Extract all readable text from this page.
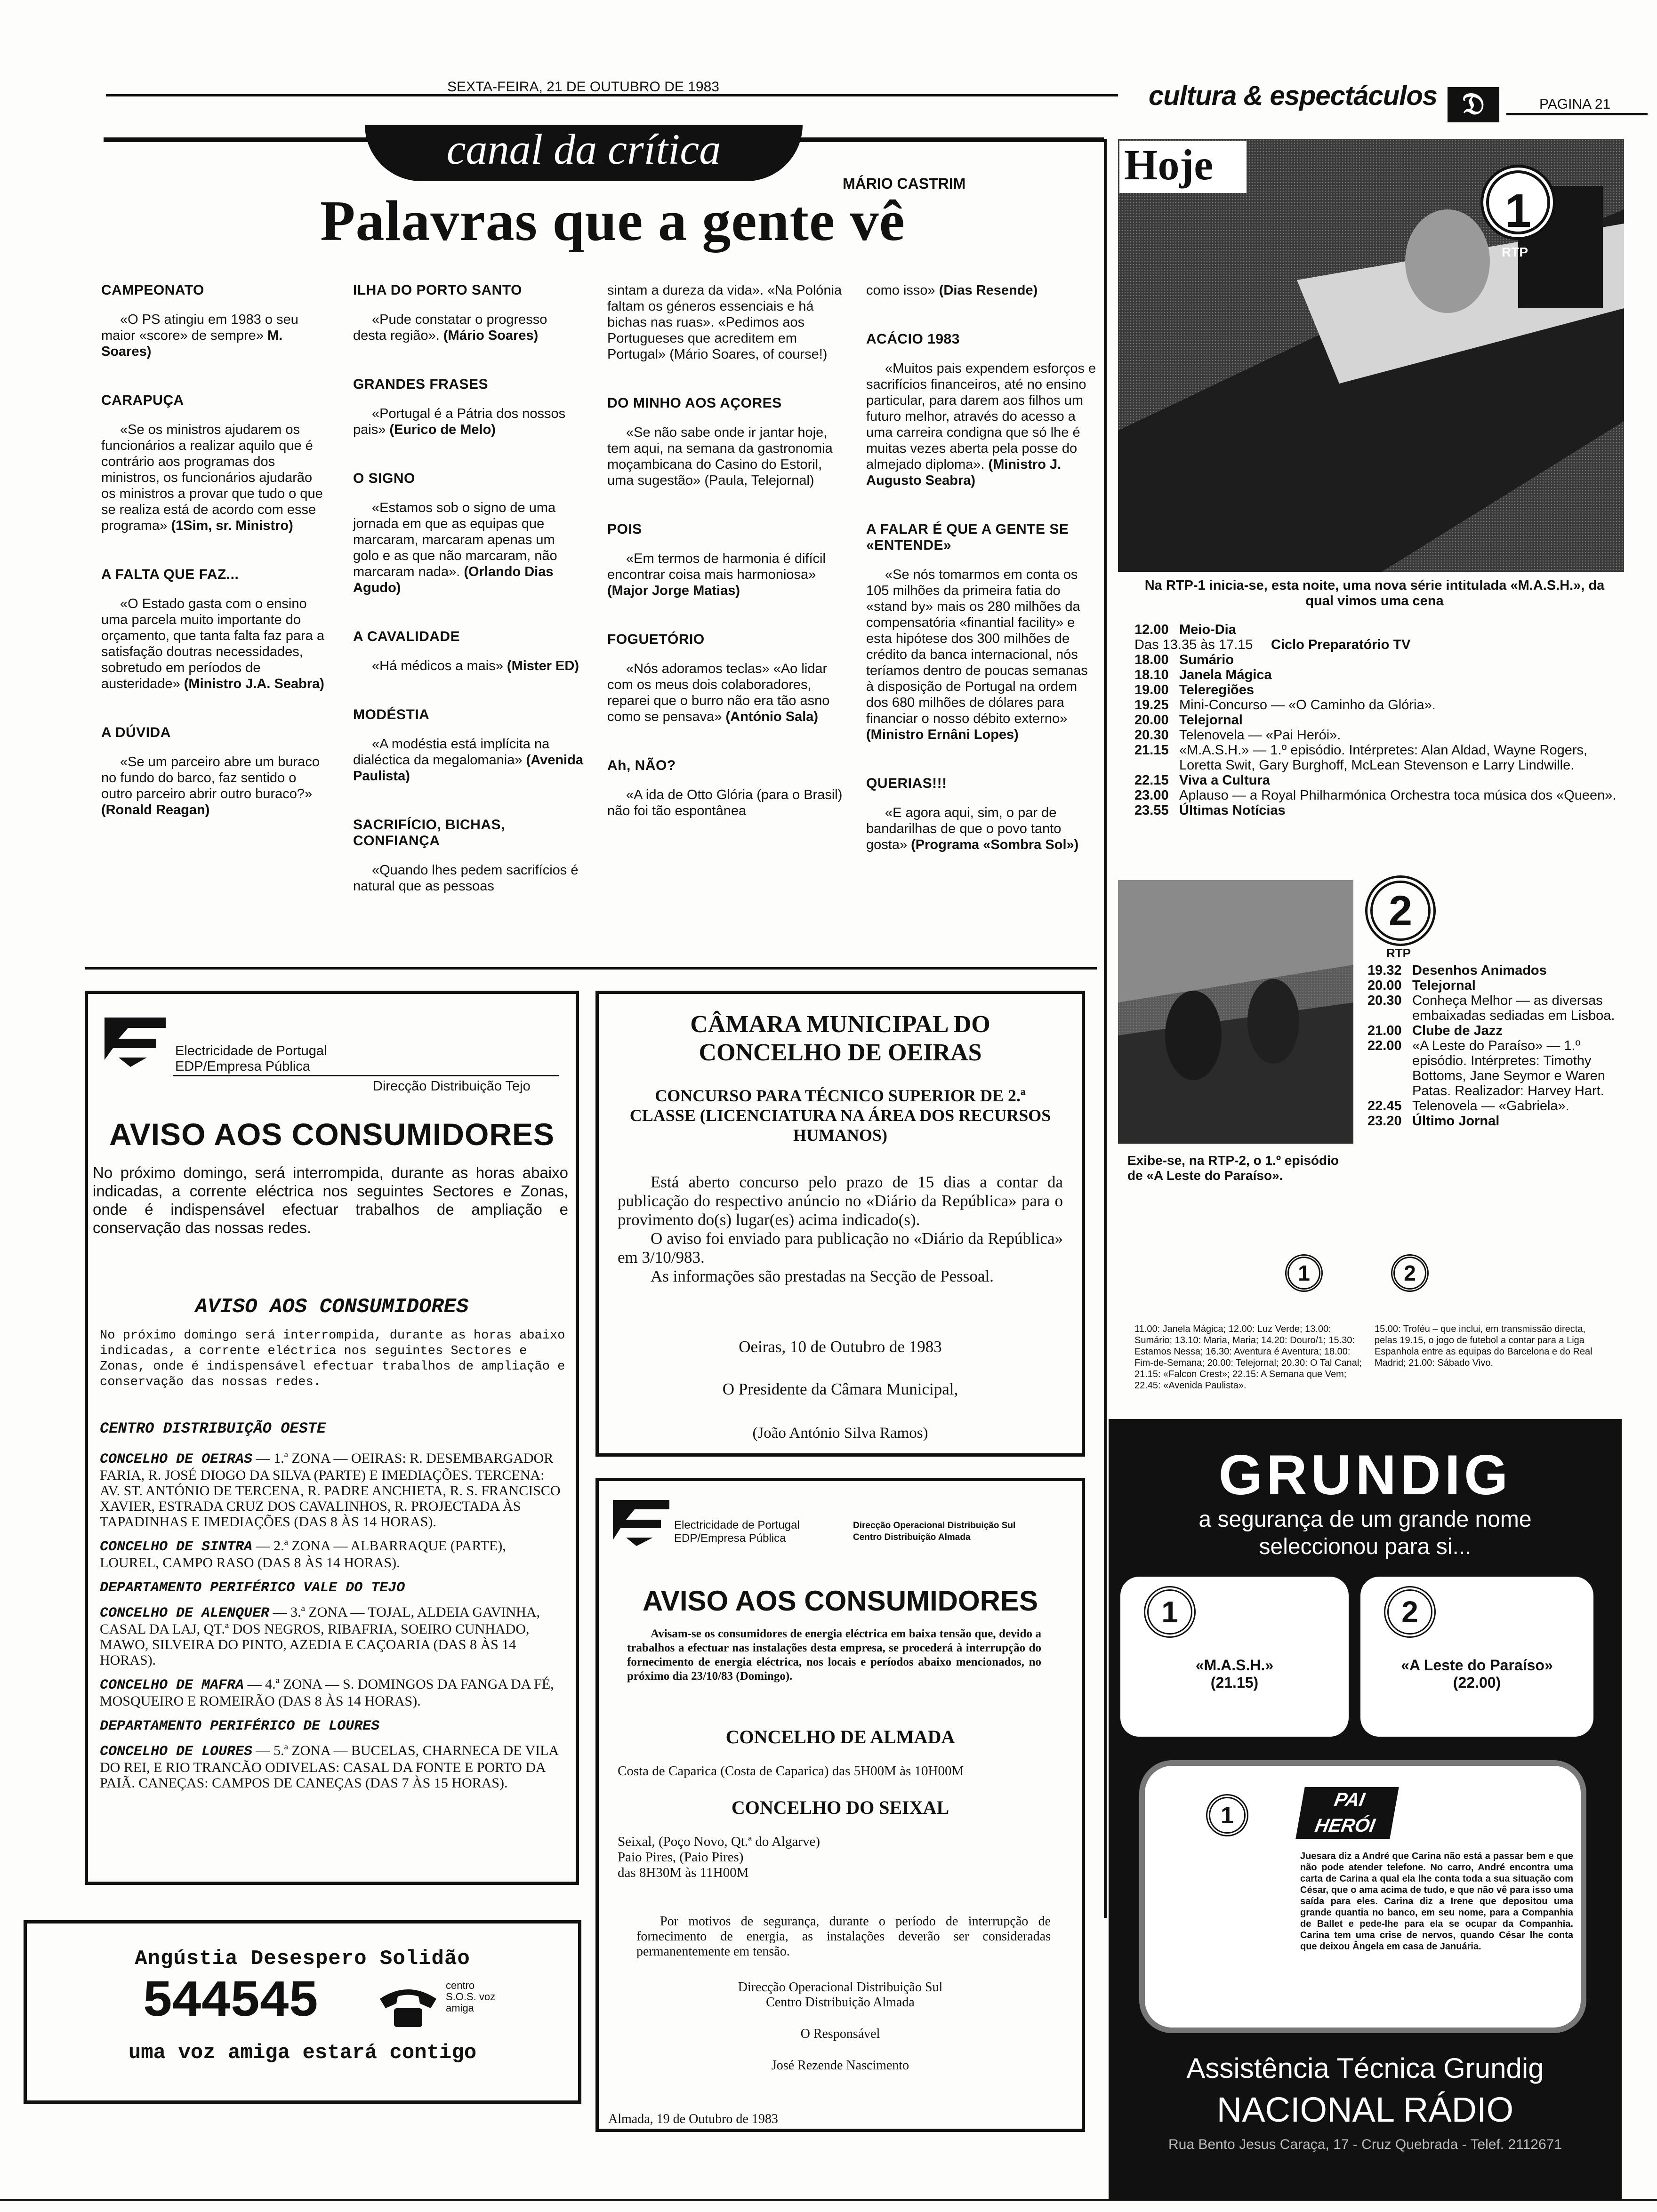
SEXTA-FEIRA, 21 DE OUTUBRO DE 1983	cultura & espectáculos 𝔇	PAGINA 21
canal da crítica
MÁRIO CASTRIM
Palavras que a gente vê
CAMPEONATO

«O PS atingiu em 1983 o seu maior «score» de sempre» M. Soares)

CARAPUÇA

«Se os ministros ajudarem os funcionários a realizar aquilo que é contrário aos programas dos ministros, os funcionários ajudarão os ministros a provar que tudo o que se realiza está de acordo com esse programa» (1Sim, sr. Ministro)

A FALTA QUE FAZ...

«O Estado gasta com o ensino uma parcela muito importante do orçamento, que tanta falta faz para a satisfação doutras necessidades, sobretudo em períodos de austeridade» (Ministro J.A. Seabra)

A DÚVIDA

«Se um parceiro abre um buraco no fundo do barco, faz sentido o outro parceiro abrir outro buraco?» (Ronald Reagan)

ILHA DO PORTO SANTO

«Pude constatar o progresso desta região». (Mário Soares)

GRANDES FRASES

«Portugal é a Pátria dos nossos pais» (Eurico de Melo)

O SIGNO

«Estamos sob o signo de uma jornada em que as equipas que marcaram, marcaram apenas um golo e as que não marcaram, não marcaram nada». (Orlando Dias Agudo)

A CAVALIDADE

«Há médicos a mais» (Mister ED)

MODÉSTIA

«A modéstia está implícita na dialéctica da megalomania» (Avenida Paulista)

SACRIFÍCIO, BICHAS, CONFIANÇA

«Quando lhes pedem sacrifícios é natural que as pessoas

sintam a dureza da vida». «Na Polónia faltam os géneros essenciais e há bichas nas ruas». «Pedimos aos Portugueses que acreditem em Portugal» (Mário Soares, of course!)

DO MINHO AOS AÇORES

«Se não sabe onde ir jantar hoje, tem aqui, na semana da gastronomia moçambicana do Casino do Estoril, uma sugestão» (Paula, Telejornal)

POIS

«Em termos de harmonia é difícil encontrar coisa mais harmoniosa» (Major Jorge Matias)

FOGUETÓRIO

«Nós adoramos teclas» «Ao lidar com os meus dois colaboradores, reparei que o burro não era tão asno como se pensava» (António Sala)

Ah, NÃO?

«A ida de Otto Glória (para o Brasil) não foi tão espontânea

como isso» (Dias Resende)

ACÁCIO 1983

«Muitos pais expendem esforços e sacrifícios financeiros, até no ensino particular, para darem aos filhos um futuro melhor, através do acesso a uma carreira condigna que só lhe é muitas vezes aberta pela posse do almejado diploma». (Ministro J. Augusto Seabra)

A FALAR É QUE A GENTE SE «ENTENDE»

«Se nós tomarmos em conta os 105 milhões da primeira fatia do «stand by» mais os 280 milhões da compensatória «finantial facility» e esta hipótese dos 300 milhões de crédito da banca internacional, nós teríamos dentro de poucas semanas à disposição de Portugal na ordem dos 680 milhões de dólares para financiar o nosso débito externo» (Ministro Ernâni Lopes)

QUERIAS!!!

«E agora aqui, sim, o par de bandarilhas de que o povo tanto gosta» (Programa «Sombra Sol»)

Hoje
1
RTP
Na RTP-1 inicia-se, esta noite, uma nova série intitulada «M.A.S.H.», da qual vimos uma cena
12.00 Meio-Dia
Das 13.35 às 17.15	Ciclo Preparatório TV
18.00 Sumário
18.10 Janela Mágica
19.00 Teleregiões
19.25 Mini-Concurso — «O Caminho da Glória».
20.00 Telejornal
20.30 Telenovela — «Pai Herói».
21.15 «M.A.S.H.» — 1.º episódio. Intérpretes: Alan Aldad, Wayne Rogers, Loretta Swit, Gary Burghoff, McLean Stevenson e Larry Lindwille.
22.15 Viva a Cultura
23.00 Aplauso — a Royal Philharmónica Orchestra toca música dos «Queen».
23.55 Últimas Notícias
2
RTP
19.32 Desenhos Animados
20.00 Telejornal
20.30 Conheça Melhor — as diversas embaixadas sediadas em Lisboa.
21.00 Clube de Jazz
22.00 «A Leste do Paraíso» — 1.º episódio. Intérpretes: Timothy Bottoms, Jane Seymor e Waren Patas. Realizador: Harvey Hart.
22.45 Telenovela — «Gabriela».
23.20 Último Jornal
Exibe-se, na RTP-2, o 1.º episódio de «A Leste do Paraíso».
1	2
11.00: Janela Mágica; 12.00: Luz Verde; 13.00: Sumário; 13.10: Maria, Maria; 14.20: Douro/1; 15.30: Estamos Nessa; 16.30: Aventura é Aventura; 18.00: Fim-de-Semana; 20.00: Telejornal; 20.30: O Tal Canal; 21.15: «Falcon Crest»; 22.15: A Semana que Vem; 22.45: «Avenida Paulista».
15.00: Troféu – que inclui, em transmissão directa, pelas 19.15, o jogo de futebol a contar para a Liga Espanhola entre as equipas do Barcelona e do Real Madrid; 21.00: Sábado Vivo.
GRUNDIG
a segurança de um grande nome
seleccionou para si...
1
«M.A.S.H.»
(21.15)
2
«A Leste do Paraíso»
(22.00)
1
PAI HERÓI
Juesara diz a André que Carina não está a passar bem e que não pode atender telefone. No carro, André encontra uma carta de Carina a qual ela lhe conta toda a sua situação com César, que o ama acima de tudo, e que não vê para isso uma saída para eles. Carina diz a Irene que depositou uma grande quantia no banco, em seu nome, para a Companhia de Ballet e pede-lhe para ela se ocupar da Companhia. Carina tem uma crise de nervos, quando César lhe conta que deixou Ângela em casa de Januária.
Assistência Técnica Grundig
NACIONAL RÁDIO
Rua Bento Jesus Caraça, 17 - Cruz Quebrada - Telef. 2112671
Electricidade de Portugal
EDP/Empresa Pública
Direcção Distribuição Tejo
AVISO AOS CONSUMIDORES
No próximo domingo, será interrompida, durante as horas abaixo indicadas, a corrente eléctrica nos seguintes Sectores e Zonas, onde é indispensável efectuar trabalhos de ampliação e conservação das nossas redes.
AVISO AOS CONSUMIDORES
No próximo domingo será interrompida, durante as horas abaixo indicadas, a corrente eléctrica nos seguintes Sectores e Zonas, onde é indispensável efectuar trabalhos de ampliação e conservação das nossas redes.
CENTRO DISTRIBUIÇÃO OESTE

CONCELHO DE OEIRAS — 1.ª ZONA — OEIRAS: R. DESEMBARGADOR FARIA, R. JOSÉ DIOGO DA SILVA (PARTE) E IMEDIAÇÕES. TERCENA: AV. ST. ANTÓNIO DE TERCENA, R. PADRE ANCHIETA, R. S. FRANCISCO XAVIER, ESTRADA CRUZ DOS CAVALINHOS, R. PROJECTADA ÀS TAPADINHAS E IMEDIAÇÕES (DAS 8 ÀS 14 HORAS).

CONCELHO DE SINTRA — 2.ª ZONA — ALBARRAQUE (PARTE), LOUREL, CAMPO RASO (DAS 8 ÀS 14 HORAS).

DEPARTAMENTO PERIFÉRICO VALE DO TEJO

CONCELHO DE ALENQUER — 3.ª ZONA — TOJAL, ALDEIA GAVINHA, CASAL DA LAJ, QT.ª DOS NEGROS, RIBAFRIA, SOEIRO CUNHADO, MAWO, SILVEIRA DO PINTO, AZEDIA E CAÇOARIA (DAS 8 ÀS 14 HORAS).

CONCELHO DE MAFRA — 4.ª ZONA — S. DOMINGOS DA FANGA DA FÉ, MOSQUEIRO E ROMEIRÃO (DAS 8 ÀS 14 HORAS).

DEPARTAMENTO PERIFÉRICO DE LOURES

CONCELHO DE LOURES — 5.ª ZONA — BUCELAS, CHARNECA DE VILA DO REI, E RIO TRANCÃO ODIVELAS: CASAL DA FONTE E PORTO DA PAIÃ. CANEÇAS: CAMPOS DE CANEÇAS (DAS 7 ÀS 15 HORAS).

CÂMARA MUNICIPAL DO
CONCELHO DE OEIRAS
CONCURSO PARA TÉCNICO SUPERIOR DE 2.ª CLASSE (LICENCIATURA NA ÁREA DOS RECURSOS HUMANOS)

Está aberto concurso pelo prazo de 15 dias a contar da publicação do respectivo anúncio no «Diário da República» para o provimento do(s) lugar(es) acima indicado(s).

O aviso foi enviado para publicação no «Diário da República» em 3/10/983.

As informações são prestadas na Secção de Pessoal.

Oeiras, 10 de Outubro de 1983
O Presidente da Câmara Municipal,
(João António Silva Ramos)
Electricidade de Portugal
EDP/Empresa Pública
Direcção Operacional Distribuição Sul
Centro Distribuição Almada
AVISO AOS CONSUMIDORES
Avisam-se os consumidores de energia eléctrica em baixa tensão que, devido a trabalhos a efectuar nas instalações desta empresa, se procederá à interrupção do fornecimento de energia eléctrica, nos locais e períodos abaixo mencionados, no próximo dia 23/10/83 (Domingo).
CONCELHO DE ALMADA
Costa de Caparica (Costa de Caparica) das 5H00M às 10H00M
CONCELHO DO SEIXAL
Seixal, (Poço Novo, Qt.ª do Algarve)
Paio Pires, (Paio Pires)
das 8H30M às 11H00M
Por motivos de segurança, durante o período de interrupção de fornecimento de energia, as instalações deverão ser consideradas permanentemente em tensão.
Direcção Operacional Distribuição Sul
Centro Distribuição Almada
O Responsável
José Rezende Nascimento
Almada, 19 de Outubro de 1983
Angústia Desespero Solidão
544545	centro S.O.S. voz amiga
uma voz amiga estará contigo
